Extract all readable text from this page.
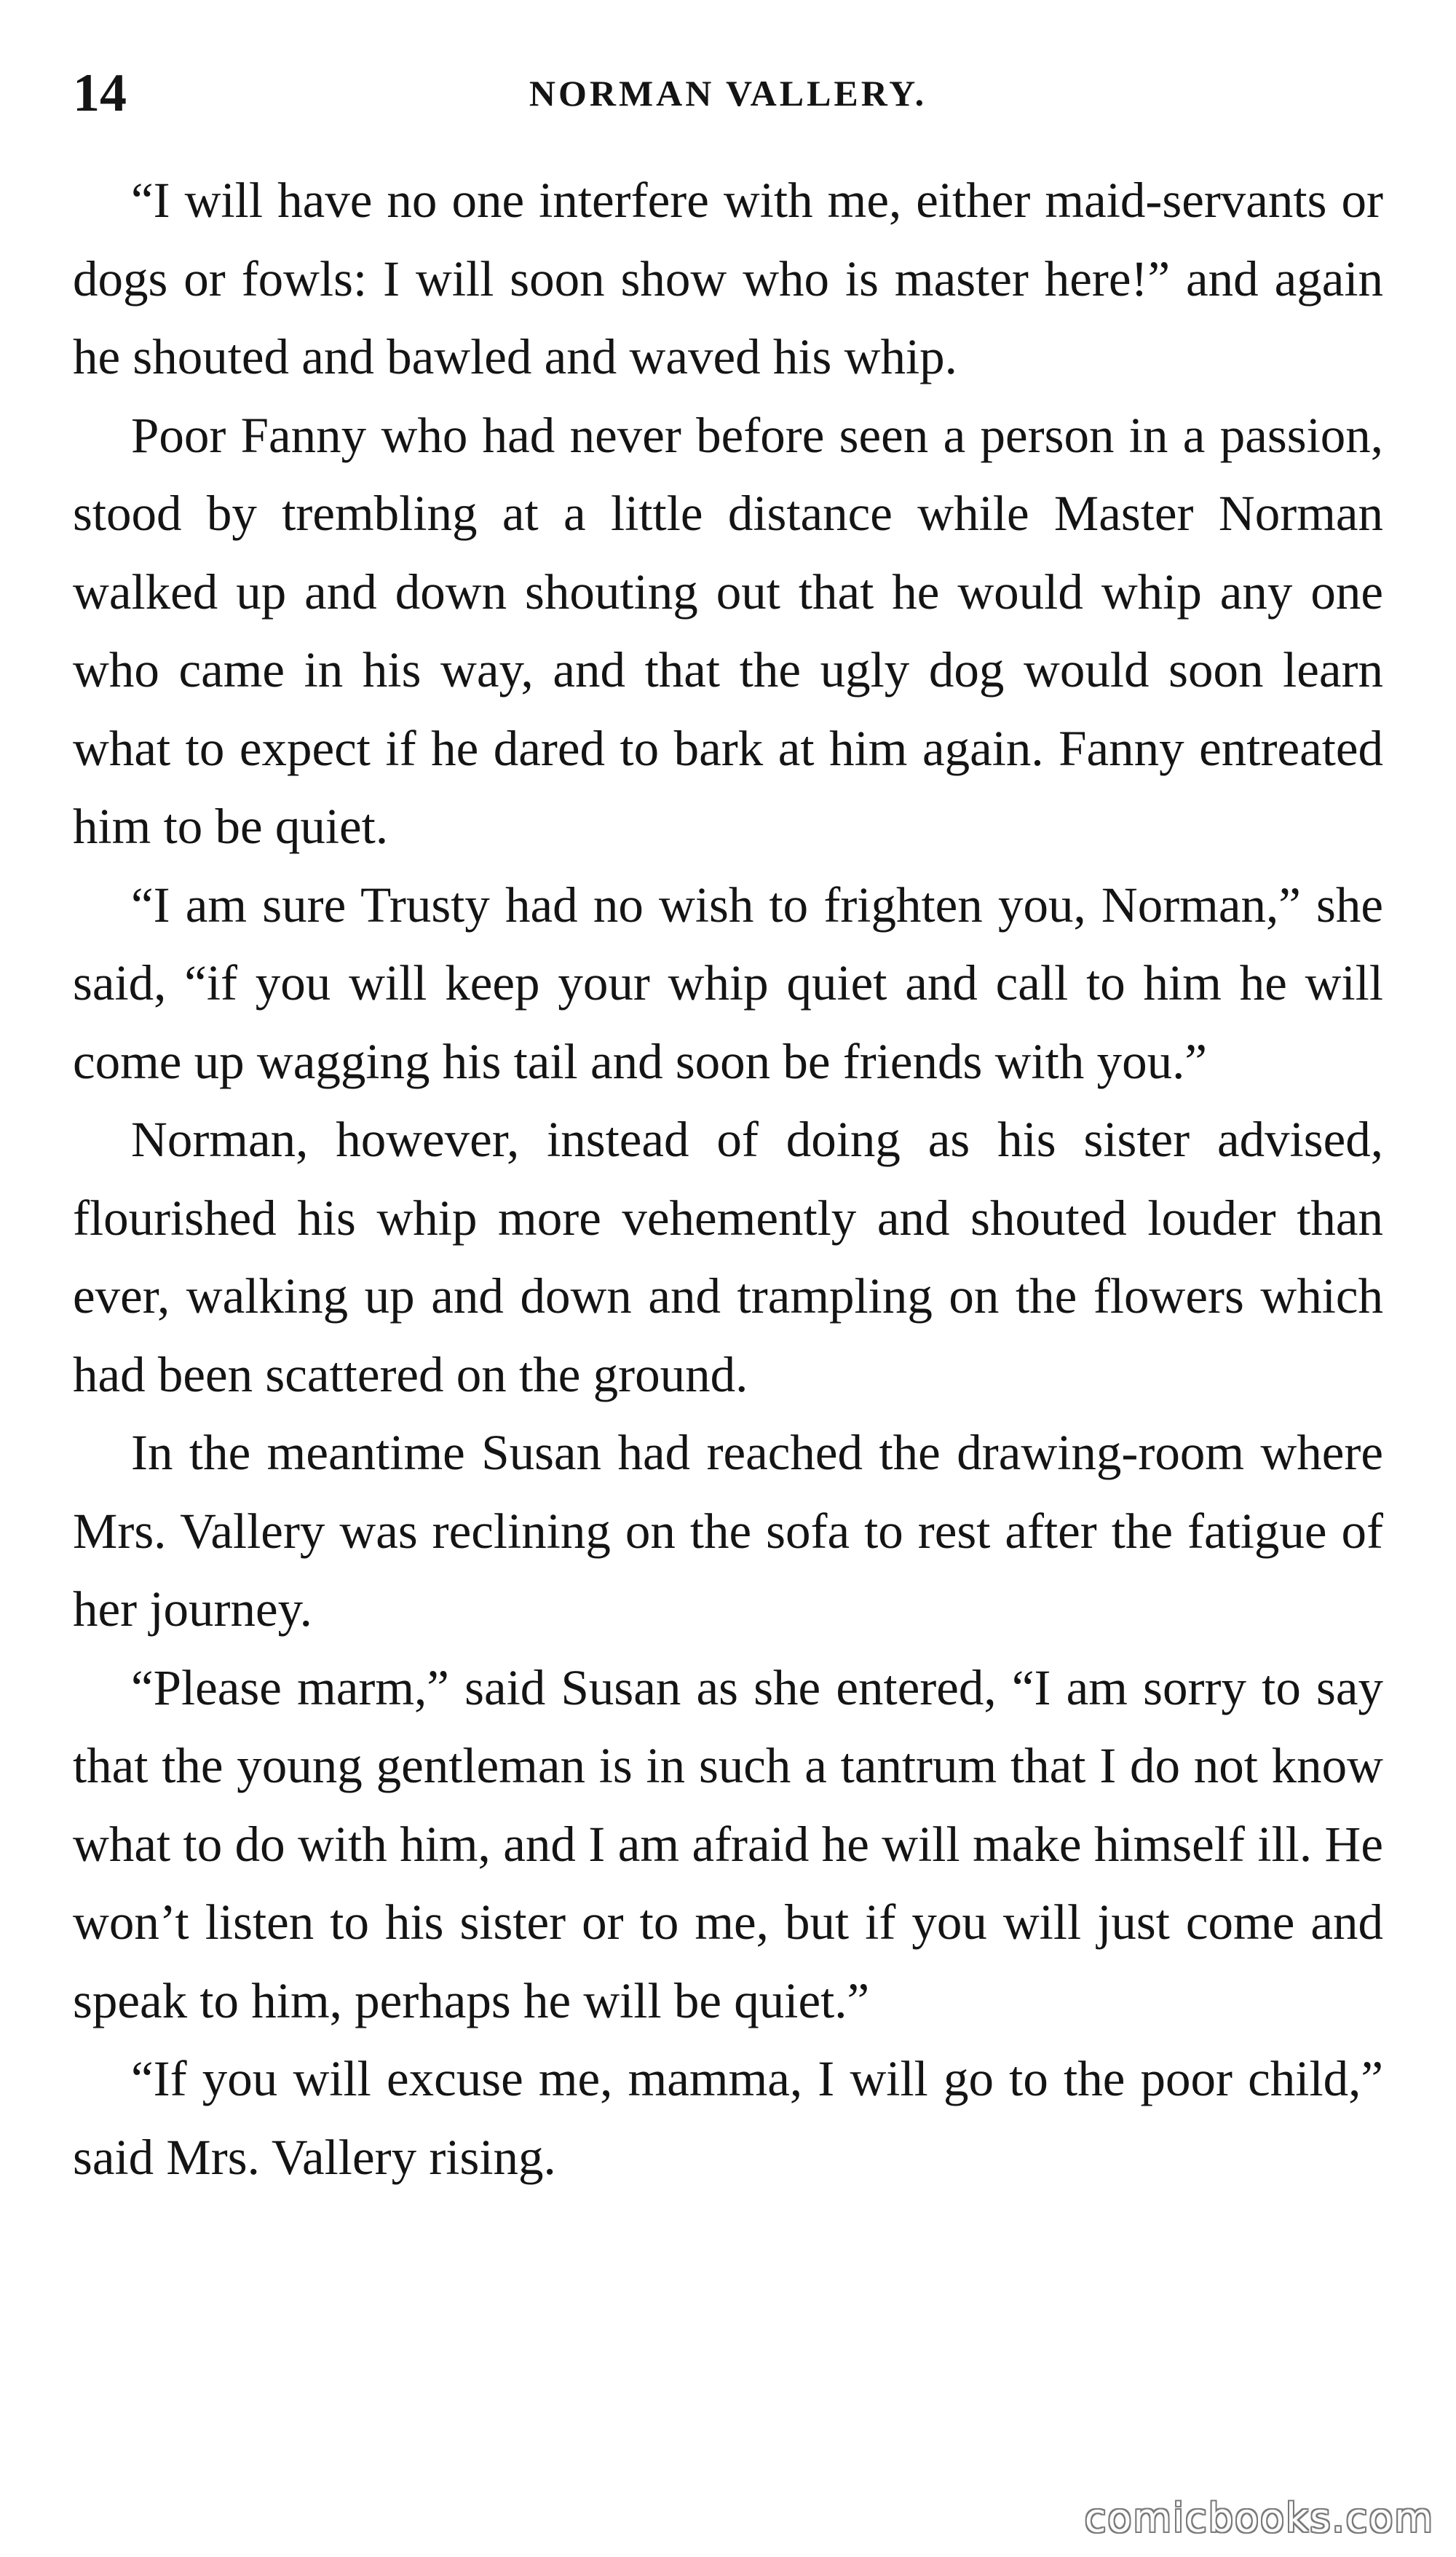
NORMAN VALLERY.
14

“I will have no one interfere with me, either maid-servants or dogs or fowls: I will soon show who is master here!” and again he shouted and bawled and waved his whip.

Poor Fanny who had never before seen a person in a passion, stood by trembling at a little distance while Master Norman walked up and down shouting out that he would whip any one who came in his way, and that the ugly dog would soon learn what to expect if he dared to bark at him again. Fanny entreated him to be quiet.

“I am sure Trusty had no wish to frighten you, Norman,” she said, “if you will keep your whip quiet and call to him he will come up wagging his tail and soon be friends with you.”

Norman, however, instead of doing as his sister advised, flourished his whip more vehemently and shouted louder than ever, walking up and down and trampling on the flowers which had been scattered on the ground.

In the meantime Susan had reached the drawing-room where Mrs. Vallery was reclining on the sofa to rest after the fatigue of her journey.

“Please marm,” said Susan as she entered, “I am sorry to say that the young gentleman is in such a tantrum that I do not know what to do with him, and I am afraid he will make himself ill. He won’t listen to his sister or to me, but if you will just come and speak to him, perhaps he will be quiet.”

“If you will excuse me, mamma, I will go to the poor child,” said Mrs. Vallery rising.

comicbooks.com
